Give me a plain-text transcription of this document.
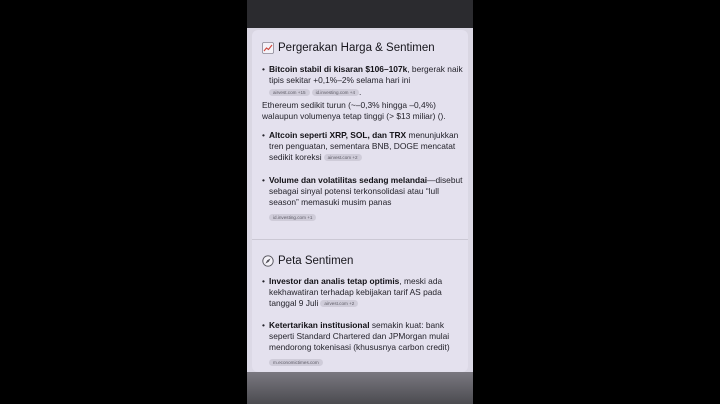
Pergerakan Harga & Sentimen
• Bitcoin stabil di kisaran $106–107k, bergerak naik tipis sekitar +0,1%–2% selama hari ini
airvest.com +15 id.investing.com +4 .
Ethereum sedikit turun (~–0,3% hingga –0,4%) walaupun volumenya tetap tinggi (> $13 miliar) ().
• Altcoin seperti XRP, SOL, dan TRX menunjukkan tren penguatan, sementara BNB, DOGE mencatat sedikit koreksi airvest.com +2
• Volume dan volatilitas sedang melandai—disebut sebagai sinyal potensi terkonsolidasi atau “lull season” memasuki musim panas
id.investing.com +1
Peta Sentimen
• Investor dan analis tetap optimis, meski ada kekhawatiran terhadap kebijakan tarif AS pada tanggal 9 Juli airvest.com +2
• Ketertarikan institusional semakin kuat: bank seperti Standard Chartered dan JPMorgan mulai mendorong tokenisasi (khususnya carbon credit)
m.economictimes.com
